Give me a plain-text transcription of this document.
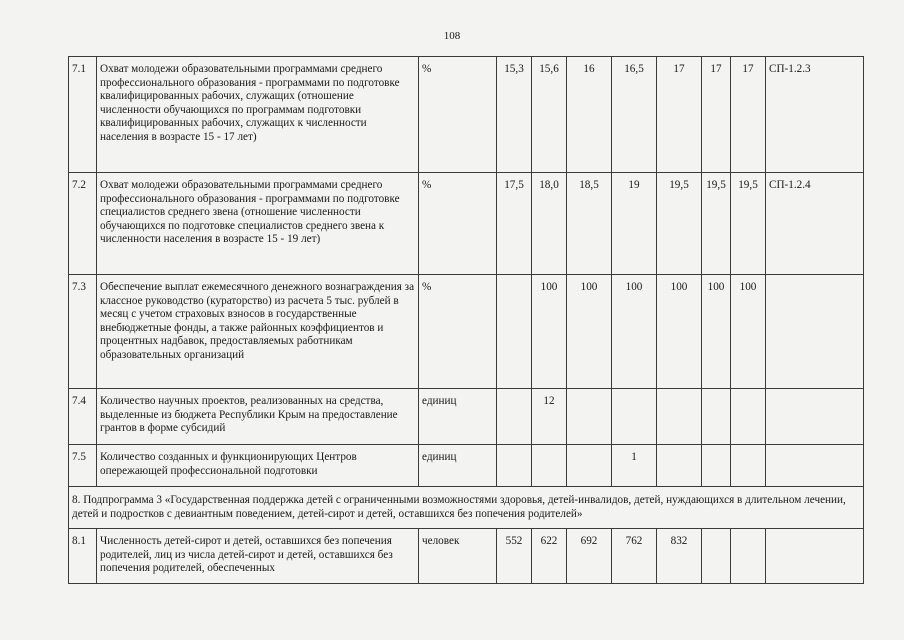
108
7.1	Охват молодежи образовательными программами среднего профессионального образования - программами по подготовке квалифицированных рабочих, служащих (отношение численности обучающихся по программам подготовки квалифицированных рабочих, служащих к численности населения в возрасте 15 - 17 лет)	%	15,3	15,6	16	16,5	17	17	17	СП-1.2.3
7.2	Охват молодежи образовательными программами среднего профессионального образования - программами по подготовке специалистов среднего звена (отношение численности обучающихся по подготовке специалистов среднего звена к численности населения в возрасте 15 - 19 лет)	%	17,5	18,0	18,5	19	19,5	19,5	19,5	СП-1.2.4
7.3	Обеспечение выплат ежемесячного денежного вознаграждения за классное руководство (кураторство) из расчета 5 тыс. рублей в месяц с учетом страховых взносов в государственные внебюджетные фонды, а также районных коэффициентов и процентных надбавок, предоставляемых работникам образовательных организаций	%		100	100	100	100	100	100	
7.4	Количество научных проектов, реализованных на средства, выделенные из бюджета Республики Крым на предоставление грантов в форме субсидий	единиц		12						
7.5	Количество созданных и функционирующих Центров опережающей профессиональной подготовки	единиц				1				
8. Подпрограмма 3 «Государственная поддержка детей с ограниченными возможностями здоровья, детей-инвалидов, детей, нуждающихся в длительном лечении, детей и подростков с девиантным поведением, детей-сирот и детей, оставшихся без попечения родителей»										
8.1	Численность детей-сирот и детей, оставшихся без попечения родителей, лиц из числа детей-сирот и детей, оставшихся без попечения родителей, обеспеченных	человек	552	622	692	762	832			
